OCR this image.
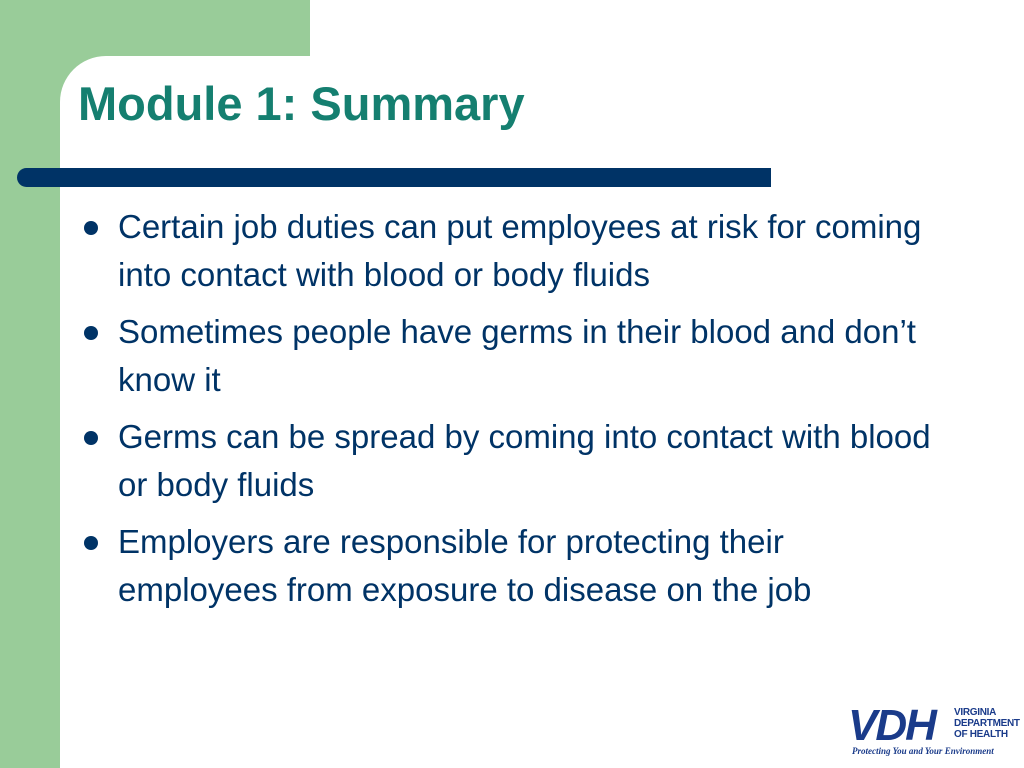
Module 1: Summary
Certain job duties can put employees at risk for coming into contact with blood or body fluids
Sometimes people have germs in their blood and don’t know it
Germs can be spread by coming into contact with blood or body fluids
Employers are responsible for protecting their employees from exposure to disease on the job
VDH VIRGINIA
DEPARTMENT
OF HEALTH
Protecting You and Your Environment
